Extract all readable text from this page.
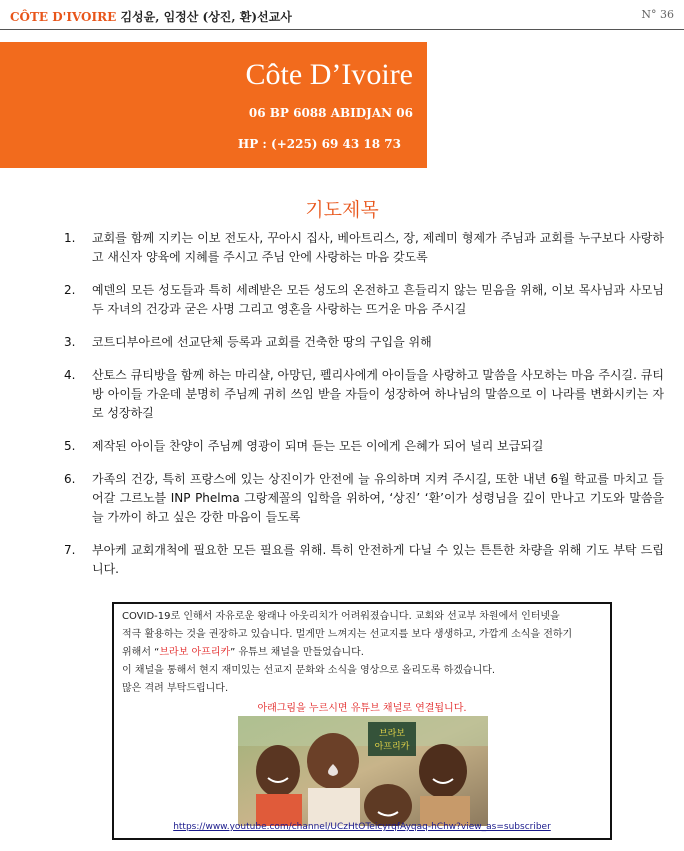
CÔTE D'IVOIRE 김성윤, 임정산 (상진, 환)선교사	N° 36
Côte D’Ivoire
06 BP 6088 ABIDJAN 06
HP : (+225) 69 43 18 73
기도제목
1. 교회를 함께 지키는 이보 전도사, 꾸아시 집사, 베아트리스, 장, 제레미 형제가 주님과 교회를 누구보다 사랑하고 새신자 양육에 지혜를 주시고 주님 안에 사랑하는 마음 갖도록
2. 예덴의 모든 성도들과 특히 세례받은 모든 성도의 온전하고 흔들리지 않는 믿음을 위해, 이보 목사님과 사모님 두 자녀의 건강과 굳은 사명 그리고 영혼을 사랑하는 뜨거운 마음 주시길
3. 코트디부아르에 선교단체 등록과 교회를 건축한 땅의 구입을 위해
4. 산토스 큐티방을 함께 하는 마리샬, 아망딘, 펠리사에게 아이들을 사랑하고 말씀을 사모하는 마음 주시길. 큐티방 아이들 가운데 분명히 주님께 귀히 쓰임 받을 자들이 성장하여 하나님의 말씀으로 이 나라를 변화시키는 자로 성장하길
5. 제작된 아이들 찬양이 주님께 영광이 되며 듣는 모든 이에게 은혜가 되어 널리 보급되길
6. 가족의 건강, 특히 프랑스에 있는 상진이가 안전에 늘 유의하며 지켜 주시길, 또한 내년 6월 학교를 마치고 들어갈 그르노블 INP Phelma 그랑제꼴의 입학을 위하여, ‘상진’ ‘환’이가 성령님을 깊이 만나고 기도와 말씀을 늘 가까이 하고 싶은 강한 마음이 들도록
7. 부아케 교회개척에 필요한 모든 필요를 위해. 특히 안전하게 다닐 수 있는 튼튼한 차량을 위해 기도 부탁 드립니다.

COVID-19로 인해서 자유로운 왕래나 아웃리치가 어려워졌습니다. 교회와 선교부 차원에서 인터넷을

적극 활용하는 것을 권장하고 있습니다. 멀게만 느껴지는 선교지를 보다 생생하고, 가깝게 소식을 전하기

위해서 “브라보 아프리카” 유튜브 채널을 만들었습니다.

이 채널을 통해서 현지 재미있는 선교지 문화와 소식을 영상으로 올리도록 하겠습니다.

많은 격려 부탁드립니다.

아래그림을 누르시면 유튜브 채널로 연결됩니다.

브라보
아프리카
https://www.youtube.com/channel/UCzHtOTeicyrqfAyqaq-hChw?view_as=subscriber
